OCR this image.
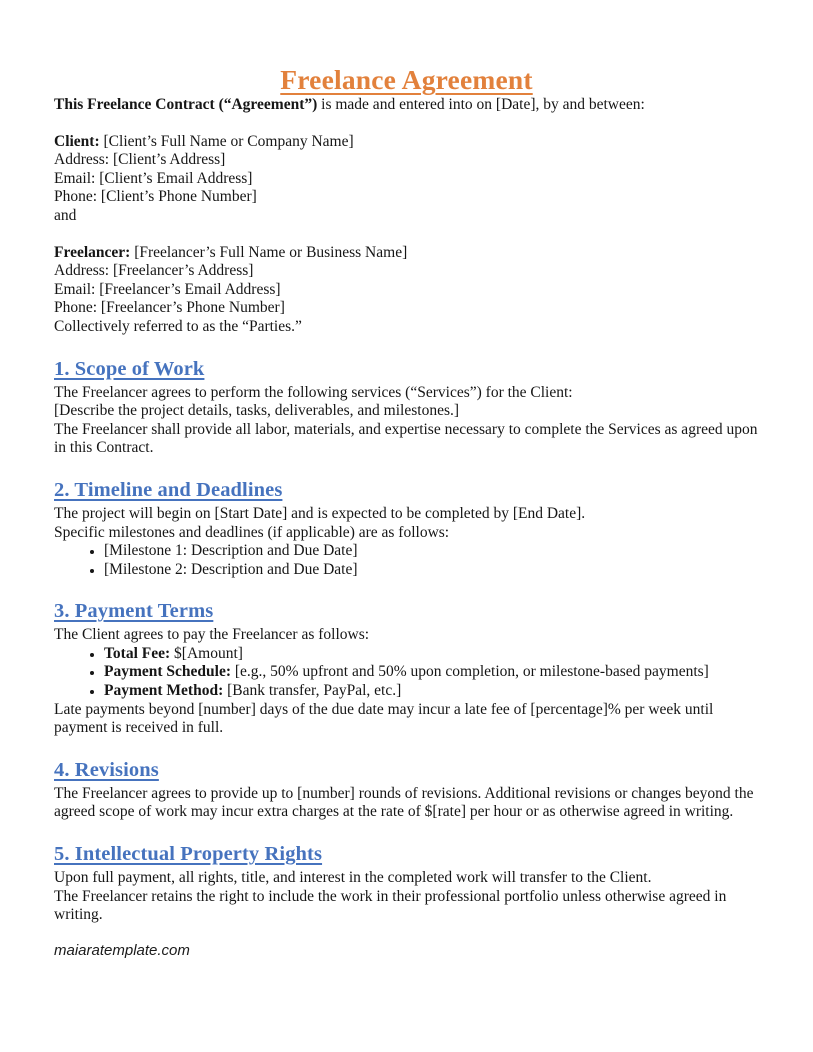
Freelance Agreement

This Freelance Contract (“Agreement”) is made and entered into on [Date], by and between:

Client: [Client’s Full Name or Company Name]
Address: [Client’s Address]
Email: [Client’s Email Address]
Phone: [Client’s Phone Number]

and

Freelancer: [Freelancer’s Full Name or Business Name]
Address: [Freelancer’s Address]
Email: [Freelancer’s Email Address]
Phone: [Freelancer’s Phone Number]
Collectively referred to as the “Parties.”
1. Scope of Work

The Freelancer agrees to perform the following services (“Services”) for the Client:

[Describe the project details, tasks, deliverables, and milestones.]

The Freelancer shall provide all labor, materials, and expertise necessary to complete the Services as agreed upon in this Contract.

2. Timeline and Deadlines

The project will begin on [Start Date] and is expected to be completed by [End Date].

Specific milestones and deadlines (if applicable) are as follows:

• [Milestone 1: Description and Due Date]
• [Milestone 2: Description and Due Date]
3. Payment Terms

The Client agrees to pay the Freelancer as follows:

• Total Fee: $[Amount]
• Payment Schedule: [e.g., 50% upfront and 50% upon completion, or milestone-based payments]
• Payment Method: [Bank transfer, PayPal, etc.]

Late payments beyond [number] days of the due date may incur a late fee of [percentage]% per week until payment is received in full.

4. Revisions

The Freelancer agrees to provide up to [number] rounds of revisions. Additional revisions or changes beyond the agreed scope of work may incur extra charges at the rate of $[rate] per hour or as otherwise agreed in writing.

5. Intellectual Property Rights

Upon full payment, all rights, title, and interest in the completed work will transfer to the Client.

The Freelancer retains the right to include the work in their professional portfolio unless otherwise agreed in writing.

maiaratemplate.com
